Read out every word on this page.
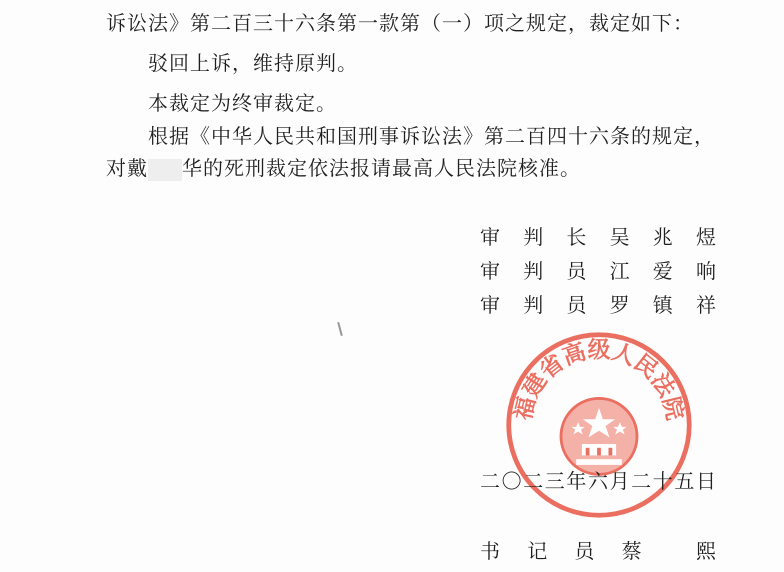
诉讼法》第二百三十六条第一款第（一）项之规定，裁定如下：
驳回上诉，维持原判。
本裁定为终审裁定。
根据《中华人民共和国刑事诉讼法》第二百四十六条的规定，
对戴 华的死刑裁定依法报请最高人民法院核准。
审 判 长 吴 兆 煜
审 判 员 江 爱 响
审 判 员 罗 镇 祥
福建省高级人民法院
二 〇 二 三 年 六 月 二 十 五 日
书 记 员 蔡	熙
